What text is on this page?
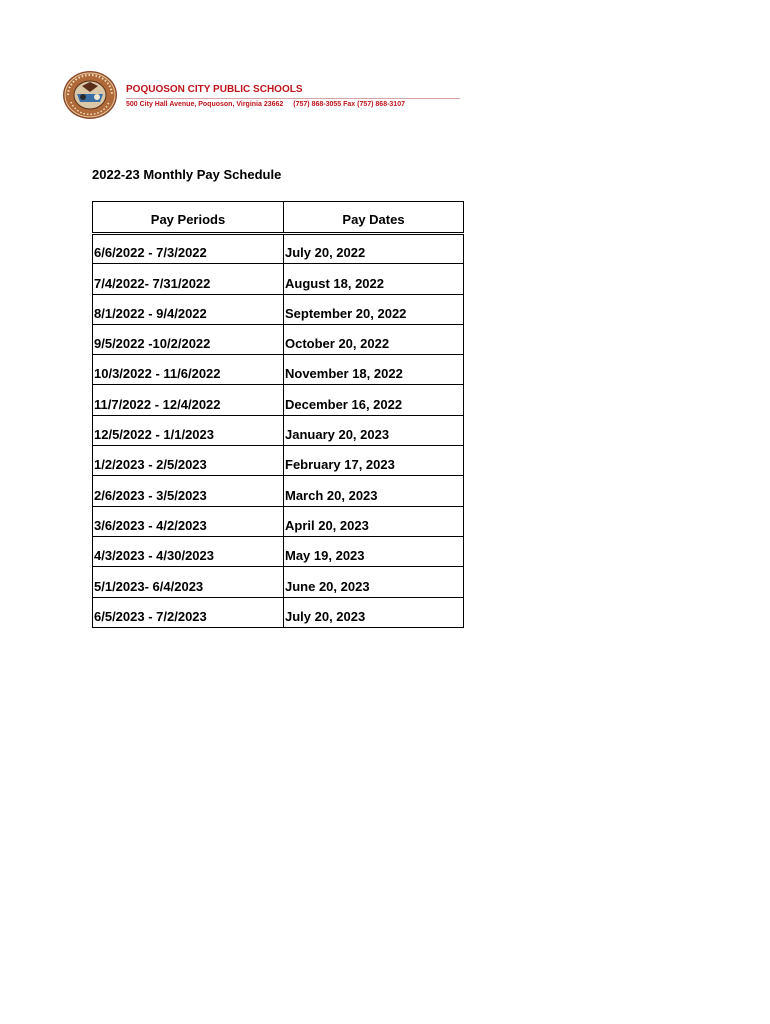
POQUOSON CITY PUBLIC SCHOOLS
500 City Hall Avenue, Poquoson, Virginia 23662 (757) 868-3055 Fax (757) 868-3107
2022-23 Monthly Pay Schedule
Pay Periods	Pay Dates
6/6/2022 - 7/3/2022	July 20, 2022
7/4/2022- 7/31/2022	August 18, 2022
8/1/2022 - 9/4/2022	September 20, 2022
9/5/2022 -10/2/2022	October 20, 2022
10/3/2022 - 11/6/2022	November 18, 2022
11/7/2022 - 12/4/2022	December 16, 2022
12/5/2022 - 1/1/2023	January 20, 2023
1/2/2023 - 2/5/2023	February 17, 2023
2/6/2023 - 3/5/2023	March 20, 2023
3/6/2023 - 4/2/2023	April 20, 2023
4/3/2023 - 4/30/2023	May 19, 2023
5/1/2023- 6/4/2023	June 20, 2023
6/5/2023 - 7/2/2023	July 20, 2023
